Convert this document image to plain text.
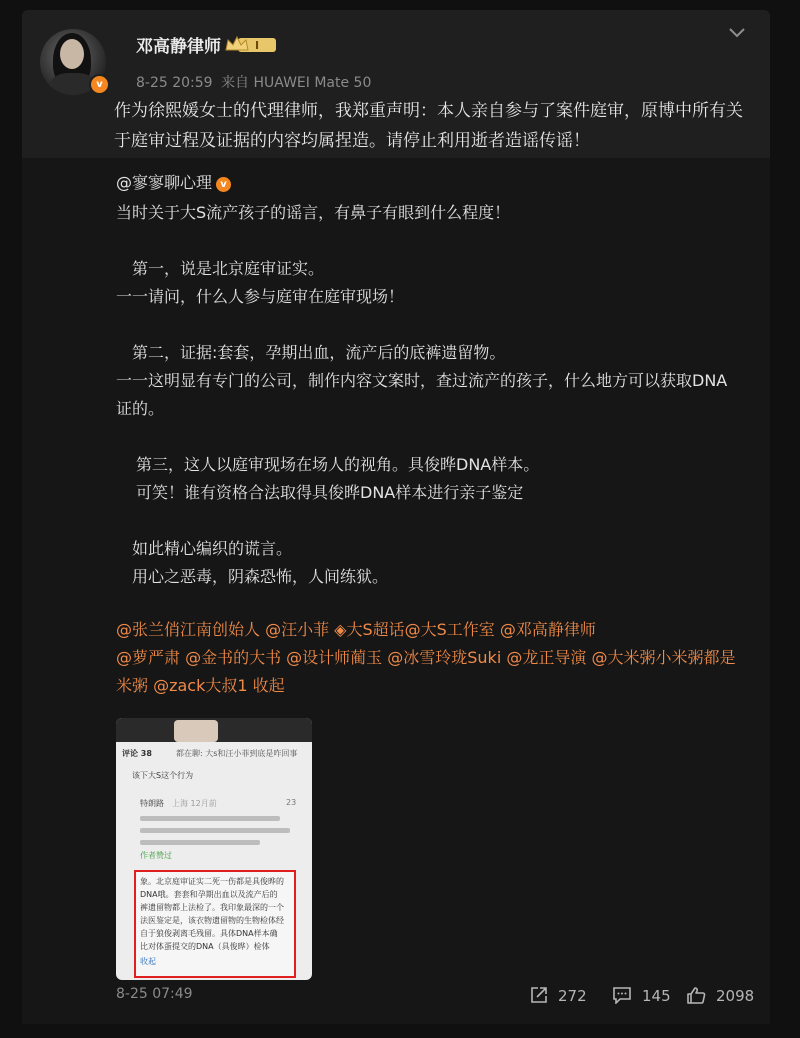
v
邓高静律师	I
8-25 20:59 来自 HUAWEI Mate 50
作为徐熙媛女士的代理律师，我郑重声明：本人亲自参与了案件庭审，原博中所有关于庭审过程及证据的内容均属捏造。请停止利用逝者造谣传谣！
@寥寥聊心理 v
当时关于大S流产孩子的谣言，有鼻子有眼到什么程度！
第一，说是北京庭审证实。
一一请问，什么人参与庭审在庭审现场！
第二，证据:套套，孕期出血，流产后的底裤遗留物。
一一这明显有专门的公司，制作内容文案时，查过流产的孩子，什么地方可以获取DNA
证的。
第三，这人以庭审现场在场人的视角。具俊晔DNA样本。
可笑！谁有资格合法取得具俊晔DNA样本进行亲子鉴定
如此精心编织的谎言。
用心之恶毒，阴森恐怖，人间练狱。
@张兰俏江南创始人 @汪小菲 ◈大S超话@大S工作室 @邓高静律师
@萝严肃 @金书的大书 @设计师蔺玉 @冰雪玲珑Suki @龙正导演 @大米粥小米粥都是
米粥 @zack大叔1 收起
评论 38	都在聊: 大s和汪小菲到底是咋回事
该下大S这个行为
特朗路 上海 12月前	23
作者赞过
象。北京庭审证实二死一伤都是具俊晔的
DNA哦。套套和孕期出血以及流产后的
裤遗留物都上法检了。我印象最深的一个
法医鉴定是，该衣物遗留物的生物检体经
自于狼俊剥离毛残留。具体DNA样本确
比对体蛋提交的DNA（具俊晔）检体
收起
8-25 07:49	272	145	2098
